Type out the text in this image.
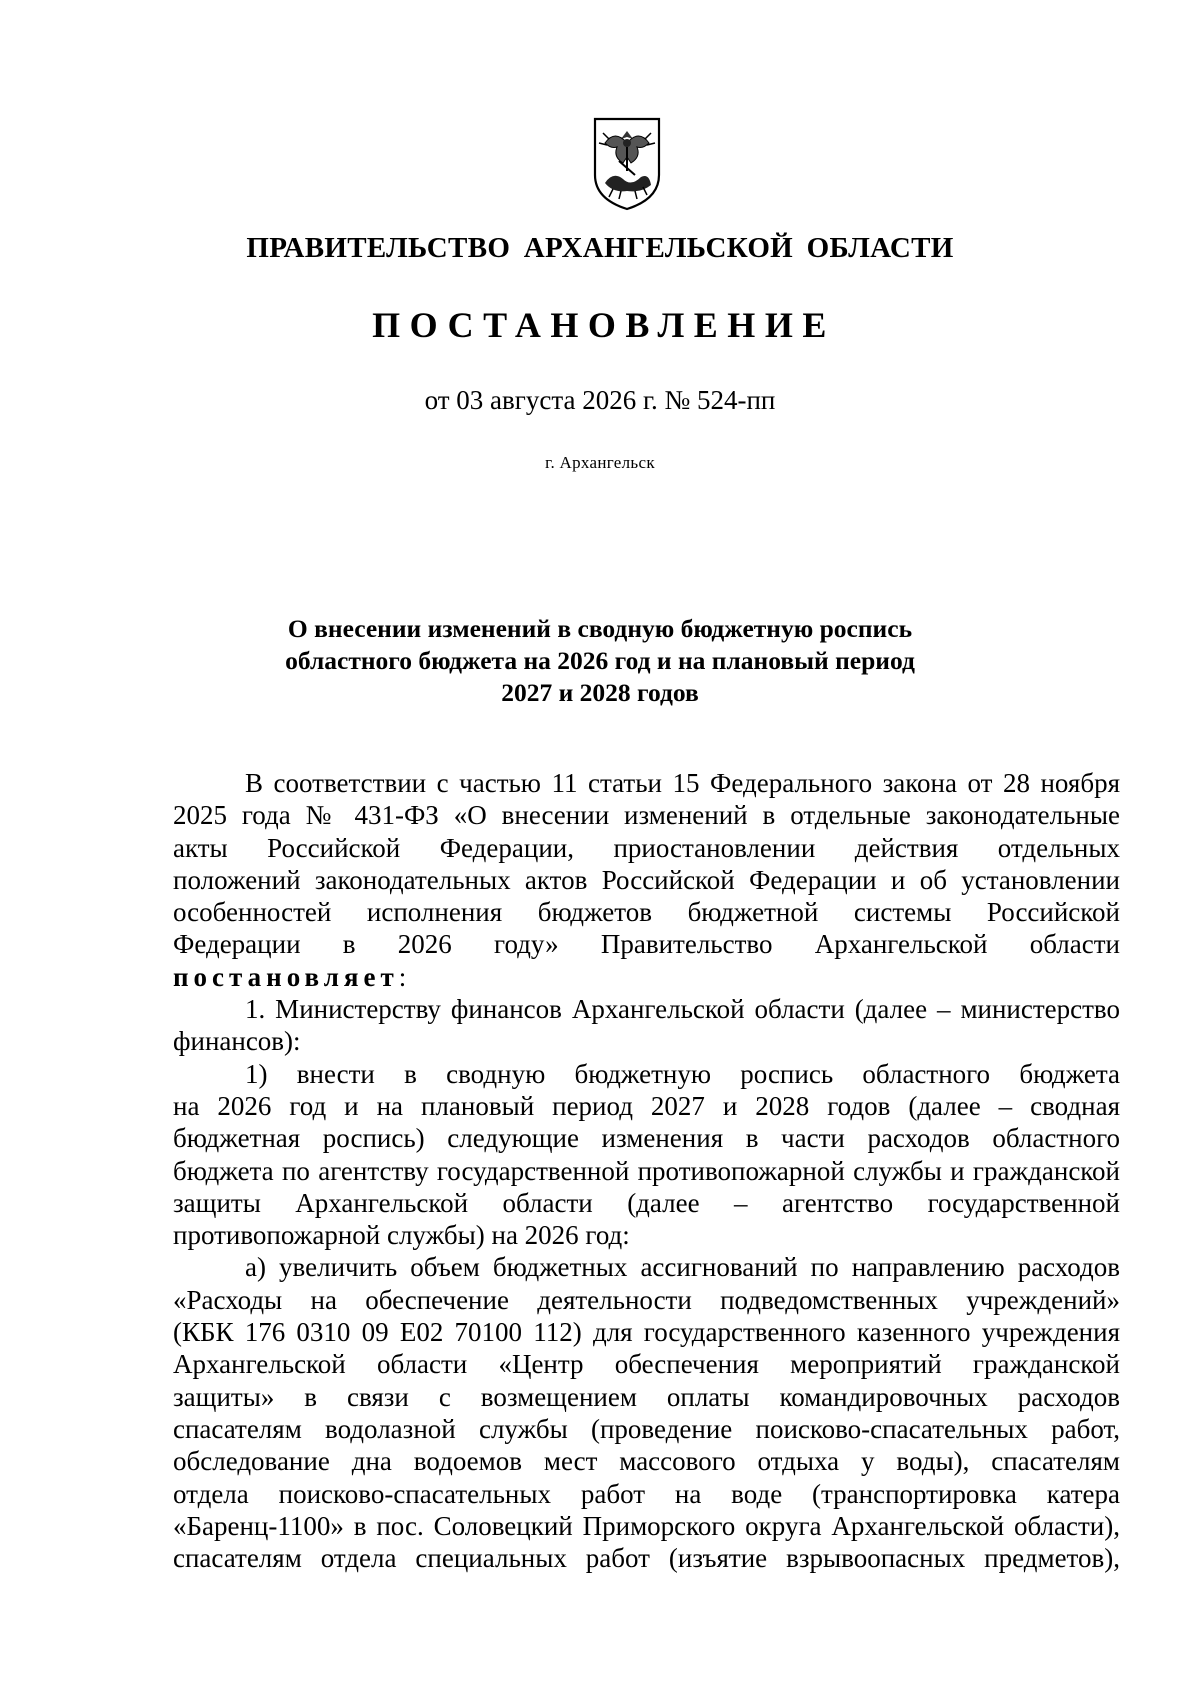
ПРАВИТЕЛЬСТВО АРХАНГЕЛЬСКОЙ ОБЛАСТИ
ПОСТАНОВЛЕНИЕ
от 03 августа 2026 г. № 524-пп
г. Архангельск
О внесении изменений в сводную бюджетную роспись
областного бюджета на 2026 год и на плановый период
2027 и 2028 годов
В соответствии с частью 11 статьи 15 Федерального закона от 28 ноября
2025 года № 431-ФЗ «О внесении изменений в отдельные законодательные
акты Российской Федерации, приостановлении действия отдельных
положений законодательных актов Российской Федерации и об установлении
особенностей исполнения бюджетов бюджетной системы Российской
Федерации в 2026 году» Правительство Архангельской области
постановляет:
1. Министерству финансов Архангельской области (далее – министерство
финансов):
1) внести в сводную бюджетную роспись областного бюджета
на 2026 год и на плановый период 2027 и 2028 годов (далее – сводная
бюджетная роспись) следующие изменения в части расходов областного
бюджета по агентству государственной противопожарной службы и гражданской
защиты Архангельской области (далее – агентство государственной
противопожарной службы) на 2026 год:
а) увеличить объем бюджетных ассигнований по направлению расходов
«Расходы на обеспечение деятельности подведомственных учреждений»
(КБК 176 0310 09 Е02 70100 112) для государственного казенного учреждения
Архангельской области «Центр обеспечения мероприятий гражданской
защиты» в связи с возмещением оплаты командировочных расходов
спасателям водолазной службы (проведение поисково-спасательных работ,
обследование дна водоемов мест массового отдыха у воды), спасателям
отдела поисково-спасательных работ на воде (транспортировка катера
«Баренц-1100» в пос. Соловецкий Приморского округа Архангельской области),
спасателям отдела специальных работ (изъятие взрывоопасных предметов),
